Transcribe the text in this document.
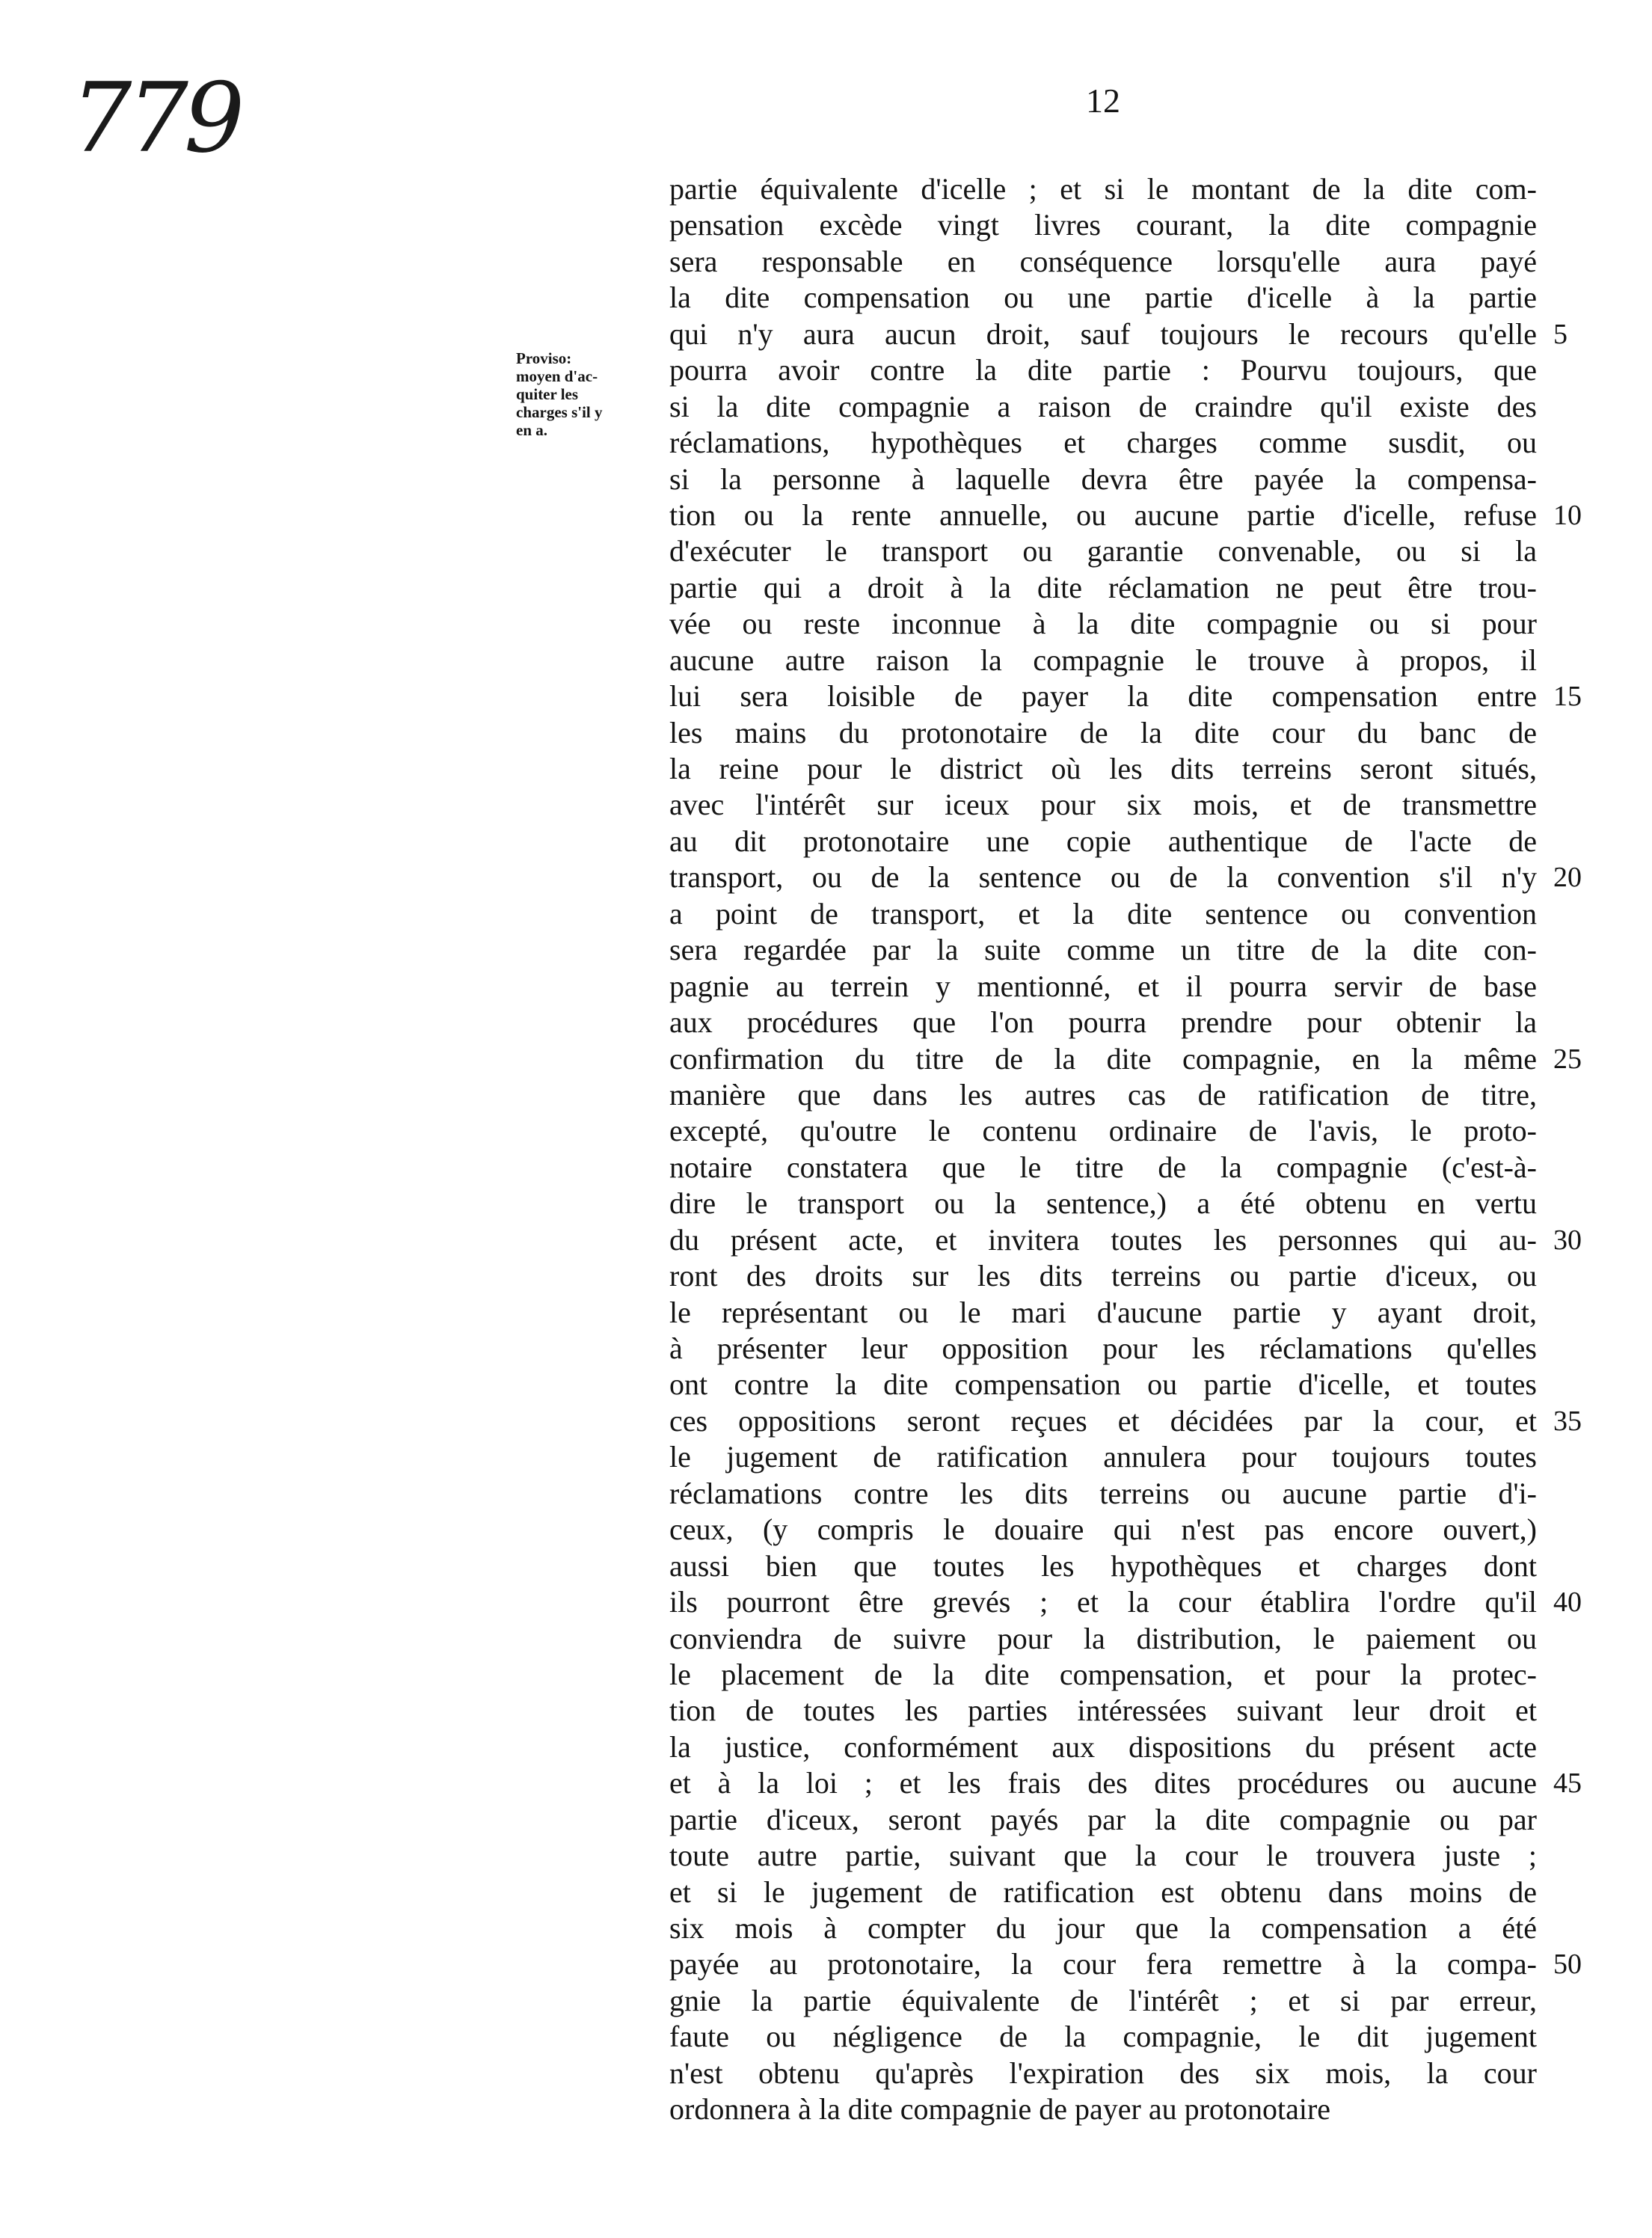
779	12
Proviso:
moyen d'ac-
quiter les
charges s'il y
en a.
partie équivalente d'icelle ; et si le montant de la dite com-
pensation excède vingt livres courant, la dite compagnie
sera responsable en conséquence lorsqu'elle aura payé
la dite compensation ou une partie d'icelle à la partie
qui n'y aura aucun droit, sauf toujours le recours qu'elle 5
pourra avoir contre la dite partie : Pourvu toujours, que
si la dite compagnie a raison de craindre qu'il existe des
réclamations, hypothèques et charges comme susdit, ou
si la personne à laquelle devra être payée la compensa-
tion ou la rente annuelle, ou aucune partie d'icelle, refuse 10
d'exécuter le transport ou garantie convenable, ou si la
partie qui a droit à la dite réclamation ne peut être trou-
vée ou reste inconnue à la dite compagnie ou si pour
aucune autre raison la compagnie le trouve à propos, il
lui sera loisible de payer la dite compensation entre 15
les mains du protonotaire de la dite cour du banc de
la reine pour le district où les dits terreins seront situés,
avec l'intérêt sur iceux pour six mois, et de transmettre
au dit protonotaire une copie authentique de l'acte de
transport, ou de la sentence ou de la convention s'il n'y 20
a point de transport, et la dite sentence ou convention
sera regardée par la suite comme un titre de la dite con-
pagnie au terrein y mentionné, et il pourra servir de base
aux procédures que l'on pourra prendre pour obtenir la
confirmation du titre de la dite compagnie, en la même 25
manière que dans les autres cas de ratification de titre,
excepté, qu'outre le contenu ordinaire de l'avis, le proto-
notaire constatera que le titre de la compagnie (c'est-à-
dire le transport ou la sentence,) a été obtenu en vertu
du présent acte, et invitera toutes les personnes qui au- 30
ront des droits sur les dits terreins ou partie d'iceux, ou
le représentant ou le mari d'aucune partie y ayant droit,
à présenter leur opposition pour les réclamations qu'elles
ont contre la dite compensation ou partie d'icelle, et toutes
ces oppositions seront reçues et décidées par la cour, et 35
le jugement de ratification annulera pour toujours toutes
réclamations contre les dits terreins ou aucune partie d'i-
ceux, (y compris le douaire qui n'est pas encore ouvert,)
aussi bien que toutes les hypothèques et charges dont
ils pourront être grevés ; et la cour établira l'ordre qu'il 40
conviendra de suivre pour la distribution, le paiement ou
le placement de la dite compensation, et pour la protec-
tion de toutes les parties intéressées suivant leur droit et
la justice, conformément aux dispositions du présent acte
et à la loi ; et les frais des dites procédures ou aucune 45
partie d'iceux, seront payés par la dite compagnie ou par
toute autre partie, suivant que la cour le trouvera juste ;
et si le jugement de ratification est obtenu dans moins de
six mois à compter du jour que la compensation a été
payée au protonotaire, la cour fera remettre à la compa- 50
gnie la partie équivalente de l'intérêt ; et si par erreur,
faute ou négligence de la compagnie, le dit jugement
n'est obtenu qu'après l'expiration des six mois, la cour
ordonnera à la dite compagnie de payer au protonotaire
